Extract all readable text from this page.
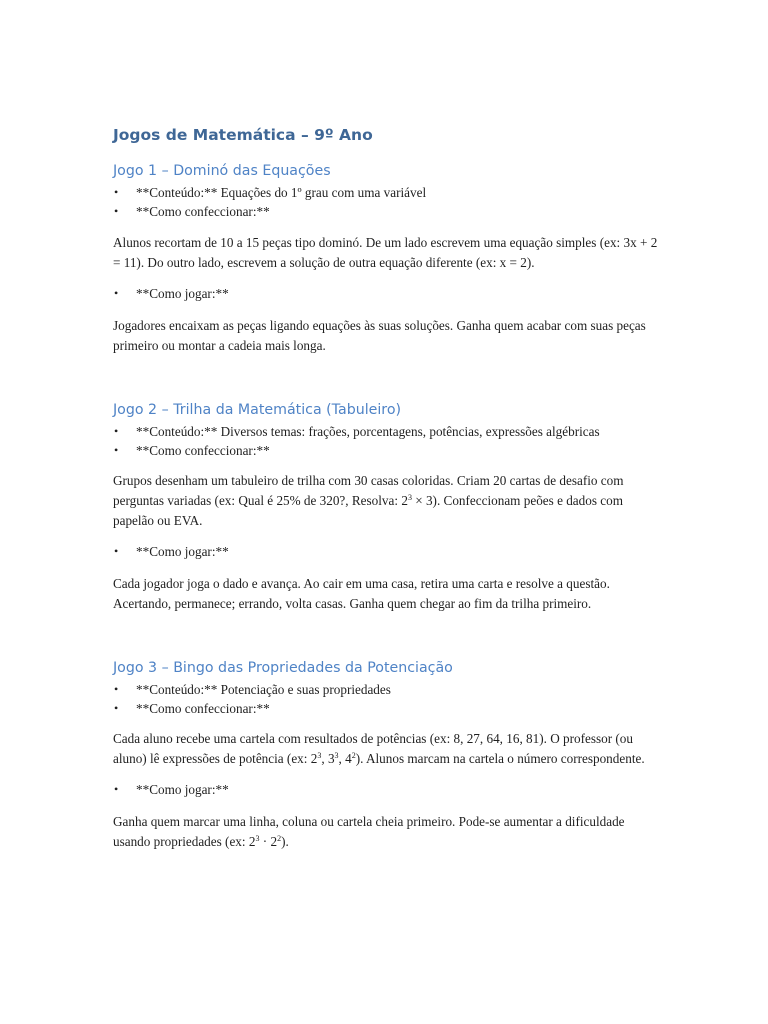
Jogos de Matemática – 9º Ano
Jogo 1 – Dominó das Equações
• **Conteúdo:** Equações do 1º grau com uma variável
• **Como confeccionar:**

Alunos recortam de 10 a 15 peças tipo dominó. De um lado escrevem uma equação simples (ex: 3x + 2 = 11). Do outro lado, escrevem a solução de outra equação diferente (ex: x = 2).

• **Como jogar:**

Jogadores encaixam as peças ligando equações às suas soluções. Ganha quem acabar com suas peças primeiro ou montar a cadeia mais longa.

Jogo 2 – Trilha da Matemática (Tabuleiro)
• **Conteúdo:** Diversos temas: frações, porcentagens, potências, expressões algébricas
• **Como confeccionar:**

Grupos desenham um tabuleiro de trilha com 30 casas coloridas. Criam 20 cartas de desafio com perguntas variadas (ex: Qual é 25% de 320?, Resolva: $2^3 \times 3$). Confeccionam peões e dados com papelão ou EVA.

• **Como jogar:**

Cada jogador joga o dado e avança. Ao cair em uma casa, retira uma carta e resolve a questão. Acertando, permanece; errando, volta casas. Ganha quem chegar ao fim da trilha primeiro.

Jogo 3 – Bingo das Propriedades da Potenciação
• **Conteúdo:** Potenciação e suas propriedades
• **Como confeccionar:**

Cada aluno recebe uma cartela com resultados de potências (ex: 8, 27, 64, 16, 81). O professor (ou aluno) lê expressões de potência (ex: $2^3$, $3^3$, $4^2$). Alunos marcam na cartela o número correspondente.

• **Como jogar:**

Ganha quem marcar uma linha, coluna ou cartela cheia primeiro. Pode-se aumentar a dificuldade usando propriedades (ex: $2^3 \cdot 2^2$).
